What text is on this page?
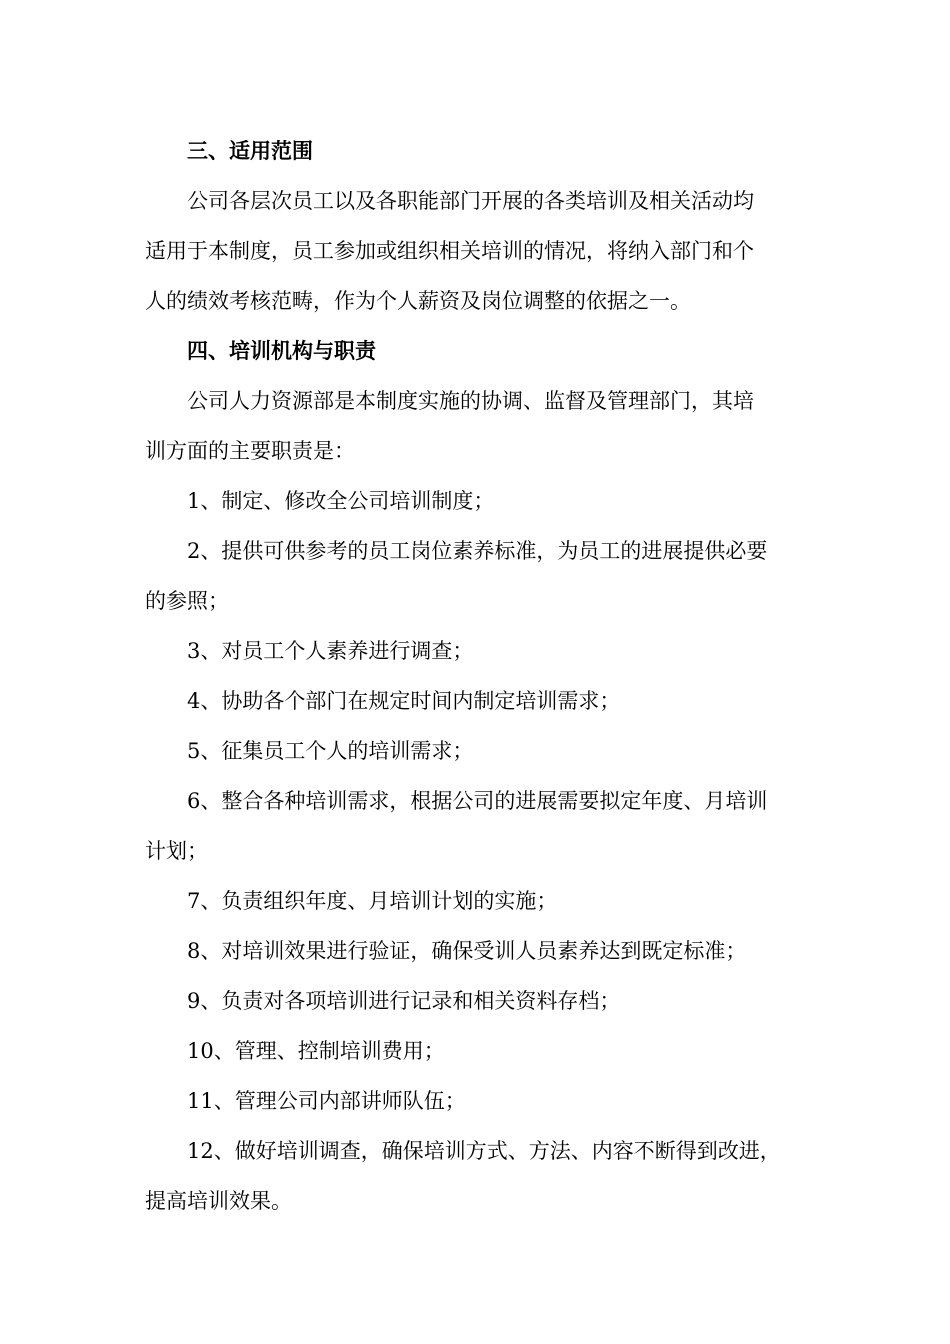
三、适用范围
公司各层次员工以及各职能部门开展的各类培训及相关活动均
适用于本制度，员工参加或组织相关培训的情况，将纳入部门和个
人的绩效考核范畴，作为个人薪资及岗位调整的依据之一。
四、培训机构与职责
公司人力资源部是本制度实施的协调、监督及管理部门，其培
训方面的主要职责是：
1、制定、修改全公司培训制度；
2、提供可供参考的员工岗位素养标准，为员工的进展提供必要
的参照；
3、对员工个人素养进行调查；
4、协助各个部门在规定时间内制定培训需求；
5、征集员工个人的培训需求；
6、整合各种培训需求，根据公司的进展需要拟定年度、月培训
计划；
7、负责组织年度、月培训计划的实施；
8、对培训效果进行验证，确保受训人员素养达到既定标准；
9、负责对各项培训进行记录和相关资料存档；
10、管理、控制培训费用；
11、管理公司内部讲师队伍；
12、做好培训调查，确保培训方式、方法、内容不断得到改进，
提高培训效果。
